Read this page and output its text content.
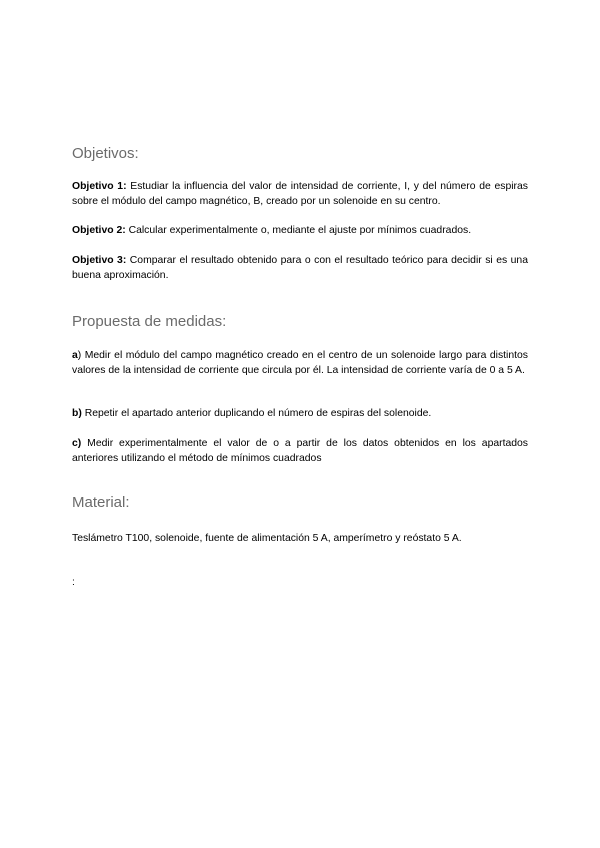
Objetivos:

Objetivo 1: Estudiar la influencia del valor de intensidad de corriente, I, y del número de espiras sobre el módulo del campo magnético, B, creado por un solenoide en su centro.

Objetivo 2: Calcular experimentalmente o, mediante el ajuste por mínimos cuadrados.

Objetivo 3: Comparar el resultado obtenido para o con el resultado teórico para decidir si es una buena aproximación.

Propuesta de medidas:

a) Medir el módulo del campo magnético creado en el centro de un solenoide largo para distintos valores de la intensidad de corriente que circula por él. La intensidad de corriente varía de 0 a 5 A.

b) Repetir el apartado anterior duplicando el número de espiras del solenoide.

c) Medir experimentalmente el valor de o a partir de los datos obtenidos en los apartados anteriores utilizando el método de mínimos cuadrados

Material:

Teslámetro T100, solenoide, fuente de alimentación 5 A, amperímetro y reóstato 5 A.

:
